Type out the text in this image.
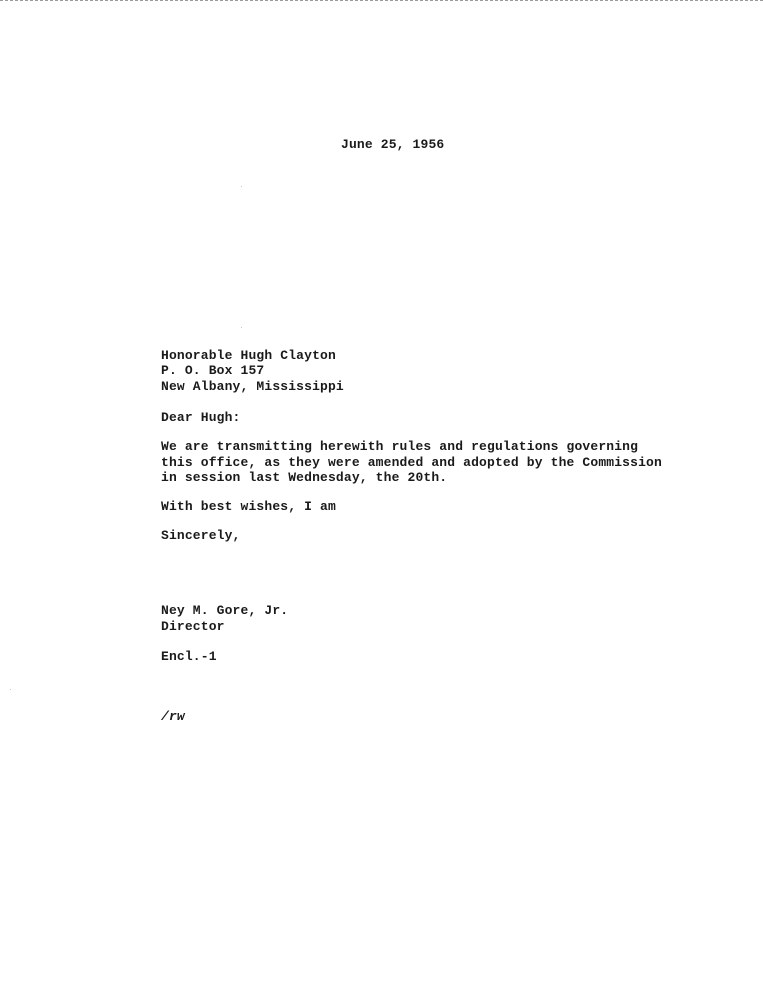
June 25, 1956
Honorable Hugh Clayton
P. O. Box 157
New Albany, Mississippi
Dear Hugh:
We are transmitting herewith rules and regulations governing
this office, as they were amended and adopted by the Commission
in session last Wednesday, the 20th.
With best wishes, I am
Sincerely,
Ney M. Gore, Jr.
Director
Encl.-1
/rw
